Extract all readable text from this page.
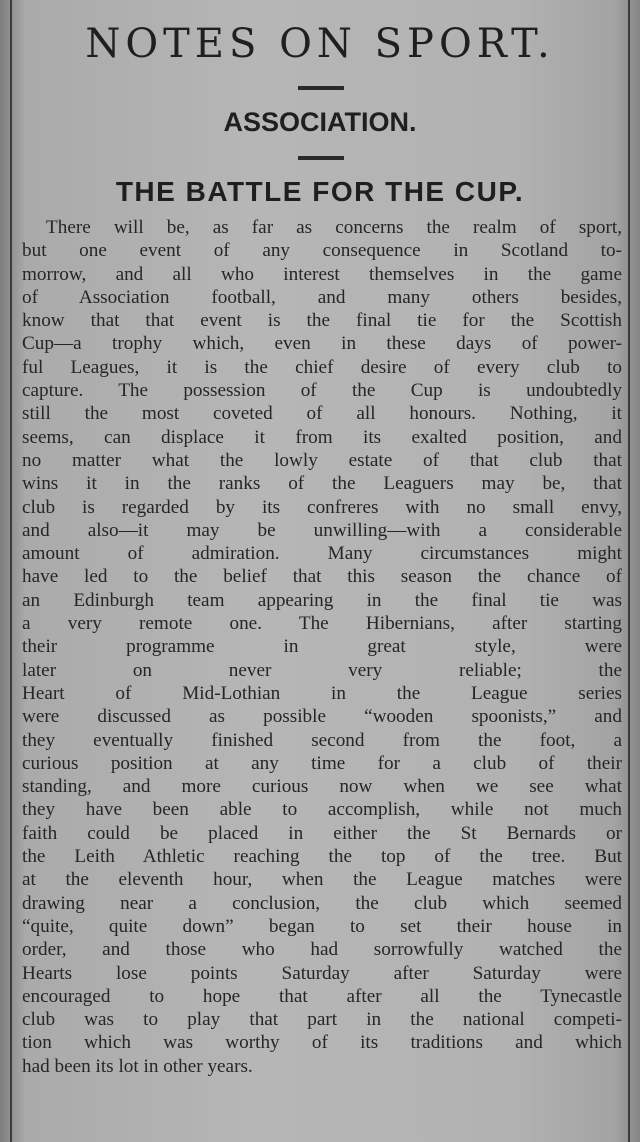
NOTES ON SPORT.
ASSOCIATION.
THE BATTLE FOR THE CUP.
There will be, as far as concerns the realm of sport,
but one event of any consequence in Scotland to-
morrow, and all who interest themselves in the game
of Association football, and many others besides,
know that that event is the final tie for the Scottish
Cup—a trophy which, even in these days of power-
ful Leagues, it is the chief desire of every club to
capture. The possession of the Cup is undoubtedly
still the most coveted of all honours. Nothing, it
seems, can displace it from its exalted position, and
no matter what the lowly estate of that club that
wins it in the ranks of the Leaguers may be, that
club is regarded by its confreres with no small envy,
and also—it may be unwilling—with a considerable
amount of admiration. Many circumstances might
have led to the belief that this season the chance of
an Edinburgh team appearing in the final tie was
a very remote one. The Hibernians, after starting
their programme in great style, were
later on never very reliable; the
Heart of Mid-Lothian in the League series
were discussed as possible “wooden spoonists,” and
they eventually finished second from the foot, a
curious position at any time for a club of their
standing, and more curious now when we see what
they have been able to accomplish, while not much
faith could be placed in either the St Bernards or
the Leith Athletic reaching the top of the tree. But
at the eleventh hour, when the League matches were
drawing near a conclusion, the club which seemed
“quite, quite down” began to set their house in
order, and those who had sorrowfully watched the
Hearts lose points Saturday after Saturday were
encouraged to hope that after all the Tynecastle
club was to play that part in the national competi-
tion which was worthy of its traditions and which
had been its lot in other years.
